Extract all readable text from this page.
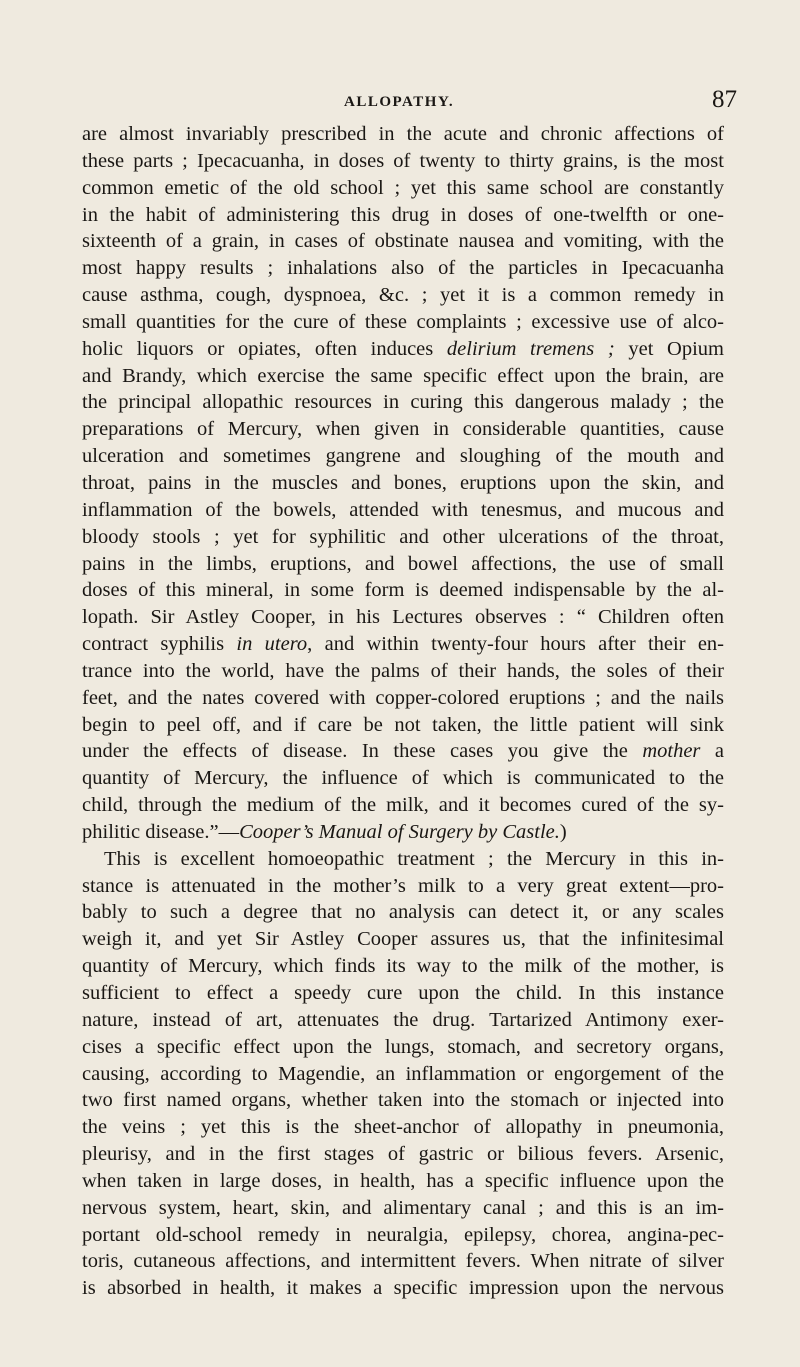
ALLOPATHY.	87
are almost invariably prescribed in the acute and chronic affections of
these parts ; Ipecacuanha, in doses of twenty to thirty grains, is the most
common emetic of the old school ; yet this same school are constantly
in the habit of administering this drug in doses of one-twelfth or one-
sixteenth of a grain, in cases of obstinate nausea and vomiting, with the
most happy results ; inhalations also of the particles in Ipecacuanha
cause asthma, cough, dyspnoea, &c. ; yet it is a common remedy in
small quantities for the cure of these complaints ; excessive use of alco-
holic liquors or opiates, often induces delirium tremens ; yet Opium
and Brandy, which exercise the same specific effect upon the brain, are
the principal allopathic resources in curing this dangerous malady ; the
preparations of Mercury, when given in considerable quantities, cause
ulceration and sometimes gangrene and sloughing of the mouth and
throat, pains in the muscles and bones, eruptions upon the skin, and
inflammation of the bowels, attended with tenesmus, and mucous and
bloody stools ; yet for syphilitic and other ulcerations of the throat,
pains in the limbs, eruptions, and bowel affections, the use of small
doses of this mineral, in some form is deemed indispensable by the al-
lopath. Sir Astley Cooper, in his Lectures observes : “ Children often
contract syphilis in utero, and within twenty-four hours after their en-
trance into the world, have the palms of their hands, the soles of their
feet, and the nates covered with copper-colored eruptions ; and the nails
begin to peel off, and if care be not taken, the little patient will sink
under the effects of disease. In these cases you give the mother a
quantity of Mercury, the influence of which is communicated to the
child, through the medium of the milk, and it becomes cured of the sy-
philitic disease.”—Cooper’s Manual of Surgery by Castle.)
This is excellent homoeopathic treatment ; the Mercury in this in-
stance is attenuated in the mother’s milk to a very great extent—pro-
bably to such a degree that no analysis can detect it, or any scales
weigh it, and yet Sir Astley Cooper assures us, that the infinitesimal
quantity of Mercury, which finds its way to the milk of the mother, is
sufficient to effect a speedy cure upon the child. In this instance
nature, instead of art, attenuates the drug. Tartarized Antimony exer-
cises a specific effect upon the lungs, stomach, and secretory organs,
causing, according to Magendie, an inflammation or engorgement of the
two first named organs, whether taken into the stomach or injected into
the veins ; yet this is the sheet-anchor of allopathy in pneumonia,
pleurisy, and in the first stages of gastric or bilious fevers. Arsenic,
when taken in large doses, in health, has a specific influence upon the
nervous system, heart, skin, and alimentary canal ; and this is an im-
portant old-school remedy in neuralgia, epilepsy, chorea, angina-pec-
toris, cutaneous affections, and intermittent fevers. When nitrate of silver
is absorbed in health, it makes a specific impression upon the nervous
